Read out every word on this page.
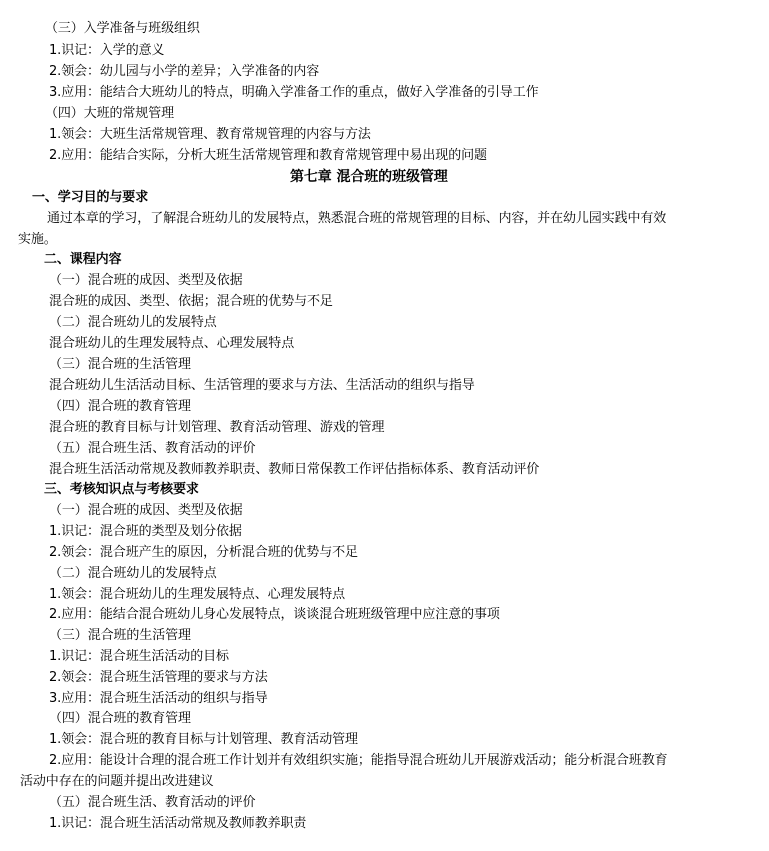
（三）入学准备与班级组织
1.识记：入学的意义
2.领会：幼儿园与小学的差异；入学准备的内容
3.应用：能结合大班幼儿的特点，明确入学准备工作的重点，做好入学准备的引导工作
（四）大班的常规管理
1.领会：大班生活常规管理、教育常规管理的内容与方法
2.应用：能结合实际，分析大班生活常规管理和教育常规管理中易出现的问题
第七章 混合班的班级管理
一、学习目的与要求
通过本章的学习，了解混合班幼儿的发展特点，熟悉混合班的常规管理的目标、内容，并在幼儿园实践中有效
实施。
二、课程内容
（一）混合班的成因、类型及依据
混合班的成因、类型、依据；混合班的优势与不足
（二）混合班幼儿的发展特点
混合班幼儿的生理发展特点、心理发展特点
（三）混合班的生活管理
混合班幼儿生活活动目标、生活管理的要求与方法、生活活动的组织与指导
（四）混合班的教育管理
混合班的教育目标与计划管理、教育活动管理、游戏的管理
（五）混合班生活、教育活动的评价
混合班生活活动常规及教师教养职责、教师日常保教工作评估指标体系、教育活动评价
三、考核知识点与考核要求
（一）混合班的成因、类型及依据
1.识记：混合班的类型及划分依据
2.领会：混合班产生的原因，分析混合班的优势与不足
（二）混合班幼儿的发展特点
1.领会：混合班幼儿的生理发展特点、心理发展特点
2.应用：能结合混合班幼儿身心发展特点，谈谈混合班班级管理中应注意的事项
（三）混合班的生活管理
1.识记：混合班生活活动的目标
2.领会：混合班生活管理的要求与方法
3.应用：混合班生活活动的组织与指导
（四）混合班的教育管理
1.领会：混合班的教育目标与计划管理、教育活动管理
2.应用：能设计合理的混合班工作计划并有效组织实施；能指导混合班幼儿开展游戏活动；能分析混合班教育
活动中存在的问题并提出改进建议
（五）混合班生活、教育活动的评价
1.识记：混合班生活活动常规及教师教养职责
